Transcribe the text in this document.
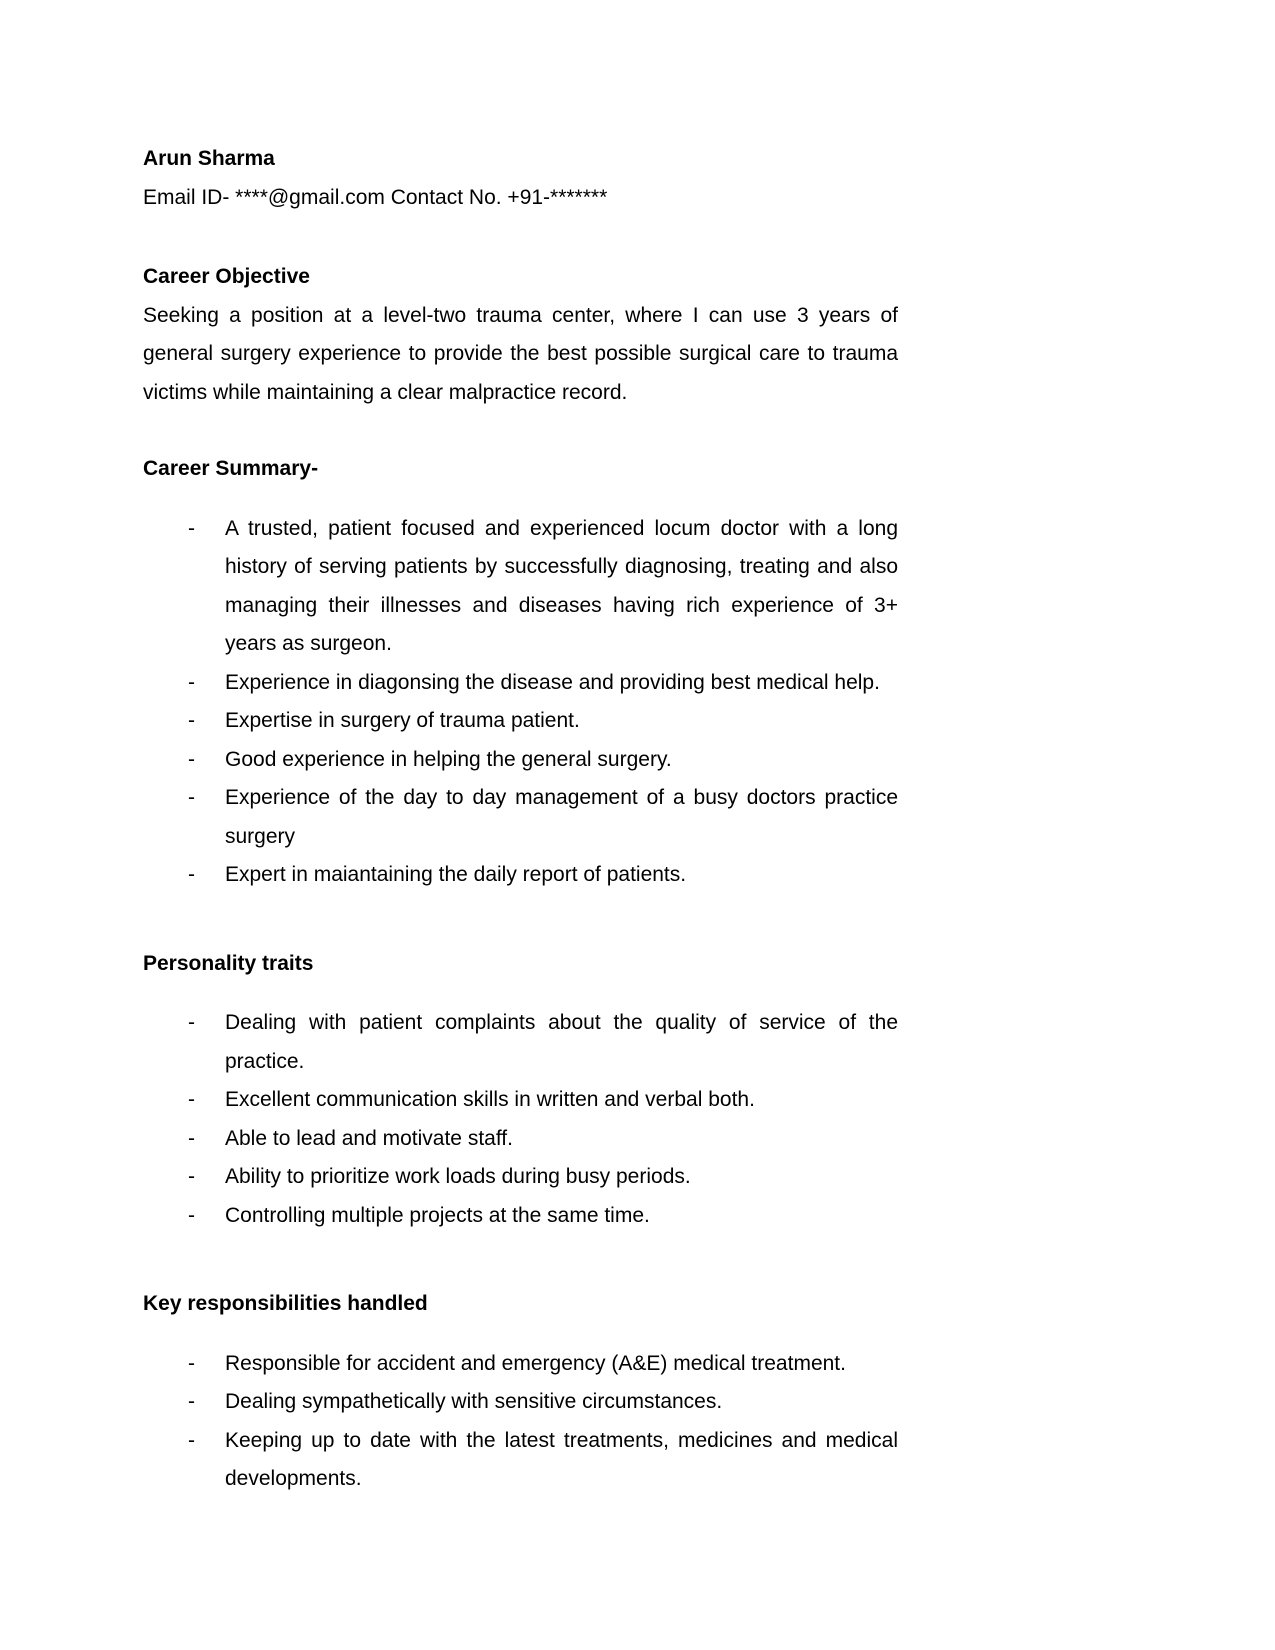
Arun Sharma
Email ID- ****@gmail.com Contact No. +91-*******
Career Objective

Seeking a position at a level-two trauma center, where I can use 3 years of general surgery experience to provide the best possible surgical care to trauma victims while maintaining a clear malpractice record.

Career Summary-
- A trusted, patient focused and experienced locum doctor with a long history of serving patients by successfully diagnosing, treating and also managing their illnesses and diseases having rich experience of 3+ years as surgeon.
- Experience in diagonsing the disease and providing best medical help.
- Expertise in surgery of trauma patient.
- Good experience in helping the general surgery.
- Experience of the day to day management of a busy doctors practice surgery
- Expert in maiantaining the daily report of patients.
Personality traits
- Dealing with patient complaints about the quality of service of the practice.
- Excellent communication skills in written and verbal both.
- Able to lead and motivate staff.
- Ability to prioritize work loads during busy periods.
- Controlling multiple projects at the same time.
Key responsibilities handled
- Responsible for accident and emergency (A&E) medical treatment.
- Dealing sympathetically with sensitive circumstances.
- Keeping up to date with the latest treatments, medicines and medical developments.
